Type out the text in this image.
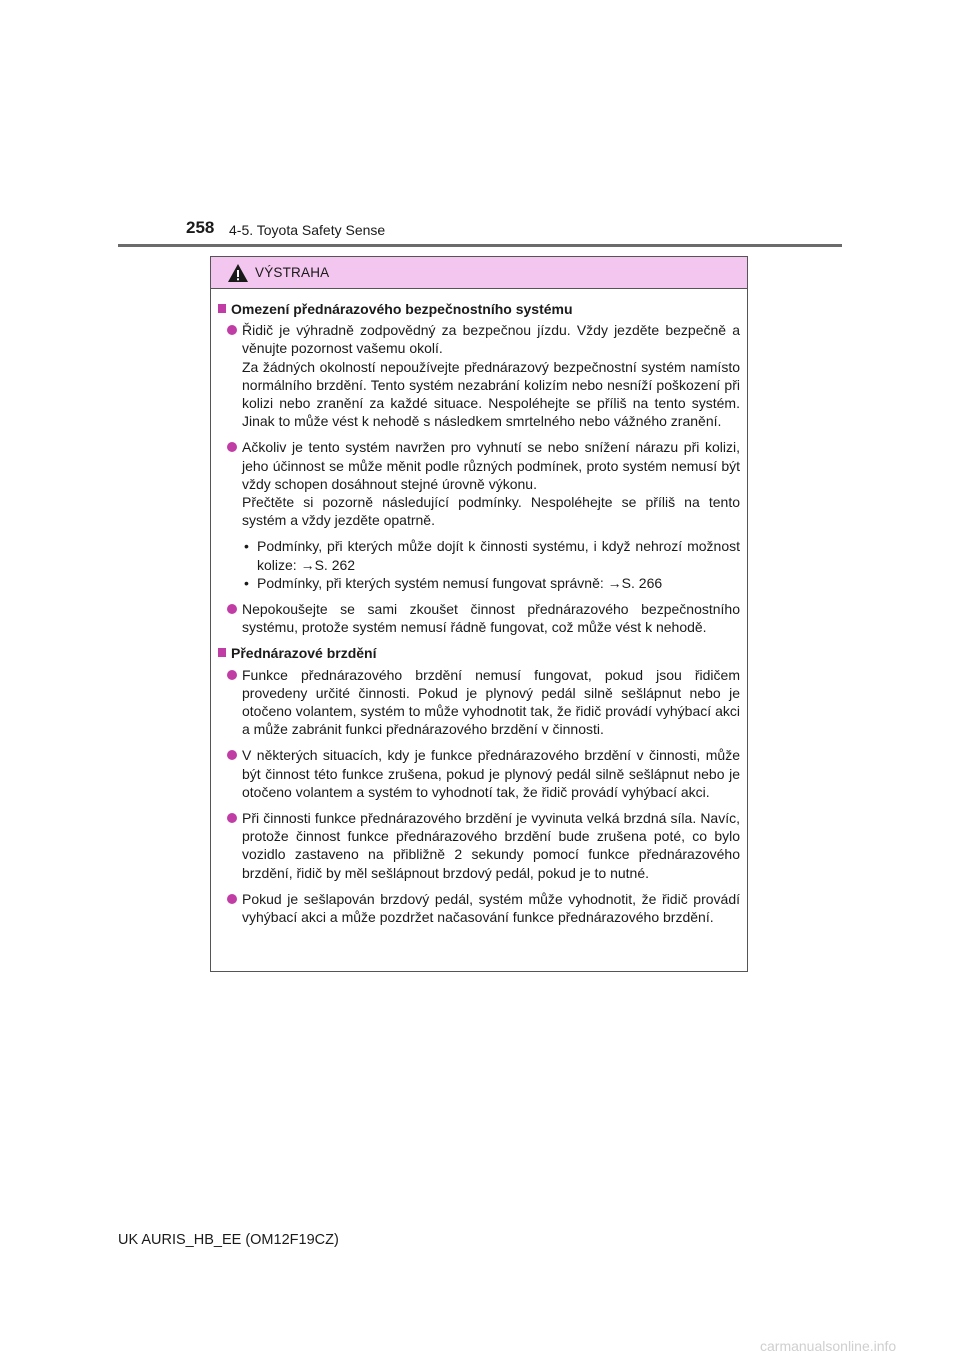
258 4-5. Toyota Safety Sense
VÝSTRAHA
Omezení přednárazového bezpečnostního systému
Řidič je výhradně zodpovědný za bezpečnou jízdu. Vždy jezděte bezpečně a věnujte pozornost vašemu okolí.
Za žádných okolností nepoužívejte přednárazový bezpečnostní systém namísto normálního brzdění. Tento systém nezabrání kolizím nebo nesníží poškození při kolizi nebo zranění za každé situace. Nespoléhejte se příliš na tento systém. Jinak to může vést k nehodě s následkem smrtelného nebo vážného zranění.
Ačkoliv je tento systém navržen pro vyhnutí se nebo snížení nárazu při kolizi, jeho účinnost se může měnit podle různých podmínek, proto systém nemusí být vždy schopen dosáhnout stejné úrovně výkonu.
Přečtěte si pozorně následující podmínky. Nespoléhejte se příliš na tento systém a vždy jezděte opatrně.
• Podmínky, při kterých může dojít k činnosti systému, i když nehrozí možnost kolize: →S. 262
• Podmínky, při kterých systém nemusí fungovat správně: →S. 266
Nepokoušejte se sami zkoušet činnost přednárazového bezpečnostního systému, protože systém nemusí řádně fungovat, což může vést k nehodě.
Přednárazové brzdění
Funkce přednárazového brzdění nemusí fungovat, pokud jsou řidičem provedeny určité činnosti. Pokud je plynový pedál silně sešlápnut nebo je otočeno volantem, systém to může vyhodnotit tak, že řidič provádí vyhýbací akci a může zabránit funkci přednárazového brzdění v činnosti.
V některých situacích, kdy je funkce přednárazového brzdění v činnosti, může být činnost této funkce zrušena, pokud je plynový pedál silně sešlápnut nebo je otočeno volantem a systém to vyhodnotí tak, že řidič provádí vyhýbací akci.
Při činnosti funkce přednárazového brzdění je vyvinuta velká brzdná síla. Navíc, protože činnost funkce přednárazového brzdění bude zrušena poté, co bylo vozidlo zastaveno na přibližně 2 sekundy pomocí funkce přednárazového brzdění, řidič by měl sešlápnout brzdový pedál, pokud je to nutné.
Pokud je sešlapován brzdový pedál, systém může vyhodnotit, že řidič provádí vyhýbací akci a může pozdržet načasování funkce přednárazového brzdění.
UK AURIS_HB_EE (OM12F19CZ)
carmanualsonline.info
